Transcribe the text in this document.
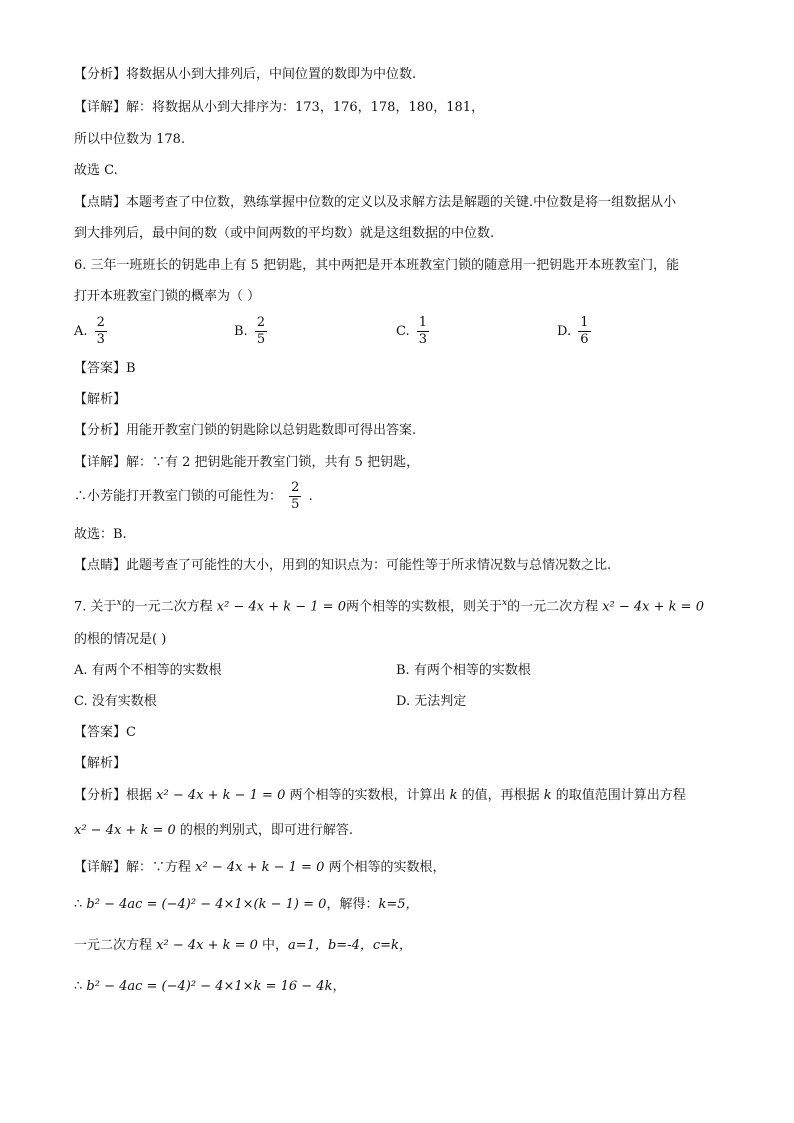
【分析】将数据从小到大排列后，中间位置的数即为中位数.
【详解】解：将数据从小到大排序为：173，176，178，180，181，
所以中位数为 178.
故选 C.
【点睛】本题考查了中位数，熟练掌握中位数的定义以及求解方法是解题的关键.中位数是将一组数据从小
到大排列后，最中间的数（或中间两数的平均数）就是这组数据的中位数.
6. 三年一班班长的钥匙串上有 5 把钥匙，其中两把是开本班教室门锁的随意用一把钥匙开本班教室门，能
打开本班教室门锁的概率为（ ）
A. $\frac{2}{3}$	B. $\frac{2}{5}$	C. $\frac{1}{3}$	D. $\frac{1}{6}$
【答案】B
【解析】
【分析】用能开教室门锁的钥匙除以总钥匙数即可得出答案.
【详解】解：∵有 2 把钥匙能开教室门锁，共有 5 把钥匙，
∴小芳能打开教室门锁的可能性为： $\frac{2}{5}$ .
故选：B.
【点睛】此题考查了可能性的大小，用到的知识点为：可能性等于所求情况数与总情况数之比.
7. 关于$^x$的一元二次方程 x² − 4x + k − 1 = 0两个相等的实数根，则关于$^x$的一元二次方程 x² − 4x + k = 0
的根的情况是( )
A. 有两个不相等的实数根	B. 有两个相等的实数根
C. 没有实数根	D. 无法判定
【答案】C
【解析】
【分析】根据 x² − 4x + k − 1 = 0 两个相等的实数根，计算出 k 的值，再根据 k 的取值范围计算出方程
x² − 4x + k = 0 的根的判别式，即可进行解答.
【详解】解：∵方程 x² − 4x + k − 1 = 0 两个相等的实数根，
∴ b² − 4ac = (−4)² − 4×1×(k − 1) = 0，解得：k=5，
一元二次方程 x² − 4x + k = 0 中，a=1，b=-4，c=k，
∴ b² − 4ac = (−4)² − 4×1×k = 16 − 4k，
